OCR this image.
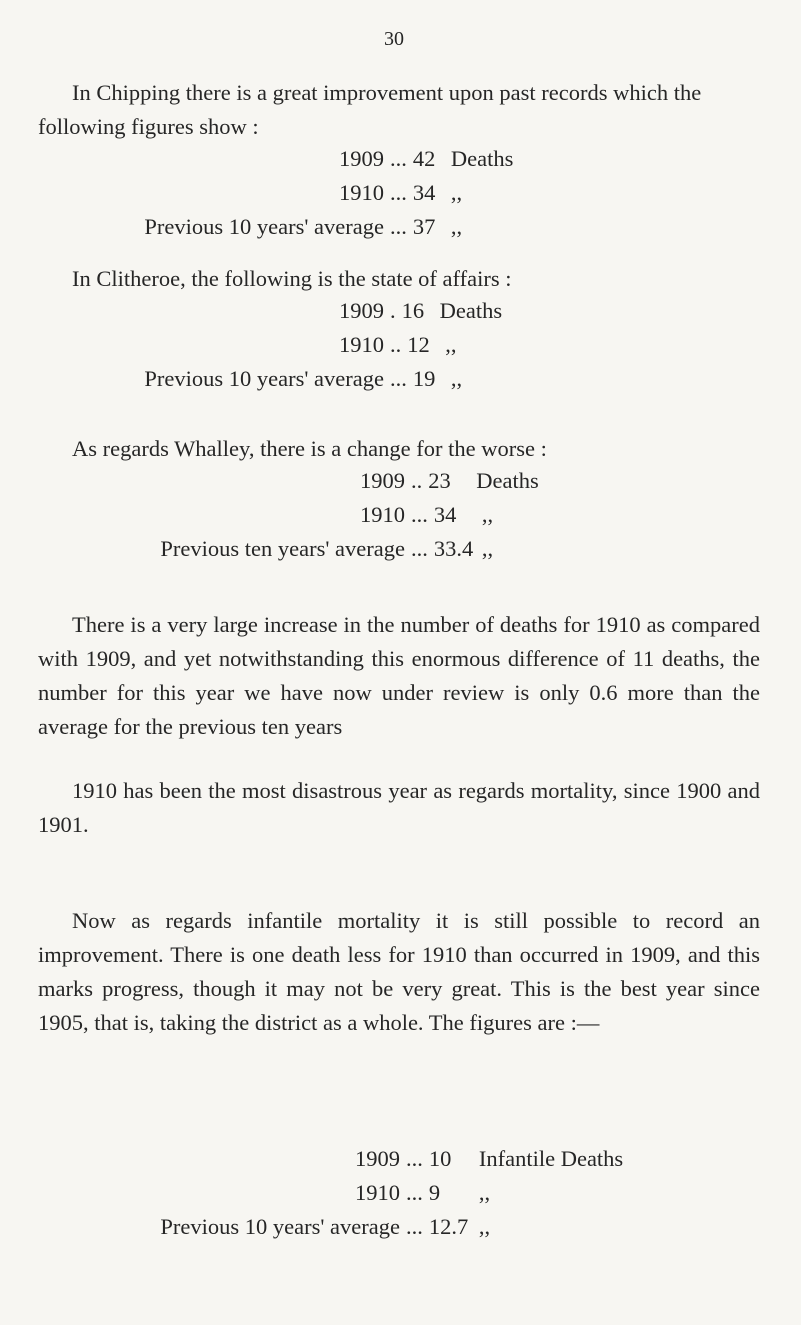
30

In Chipping there is a great improvement upon past records which the following figures show :

1909 ... 42 Deaths
1910 ... 34 ,,
Previous 10 years' average ... 37 ,,

In Clitheroe, the following is the state of affairs :

1909 . 16 Deaths
1910 .. 12 ,,
Previous 10 years' average ... 19 ,,

As regards Whalley, there is a change for the worse :

1909 .. 23	Deaths
1910 ... 34	,,
Previous ten years' average ... 33.4 ,,

There is a very large increase in the number of deaths for 1910 as compared with 1909, and yet notwithstanding this enormous difference of 11 deaths, the number for this year we have now under review is only 0.6 more than the average for the previous ten years

1910 has been the most disastrous year as regards mortality, since 1900 and 1901.

Now as regards infantile mortality it is still possible to record an improvement. There is one death less for 1910 than occurred in 1909, and this marks progress, though it may not be very great. This is the best year since 1905, that is, taking the district as a whole. The figures are :—

1909 ... 10	Infantile Deaths
1910 ... 9	,,
Previous 10 years' average ... 12.7 ,,
